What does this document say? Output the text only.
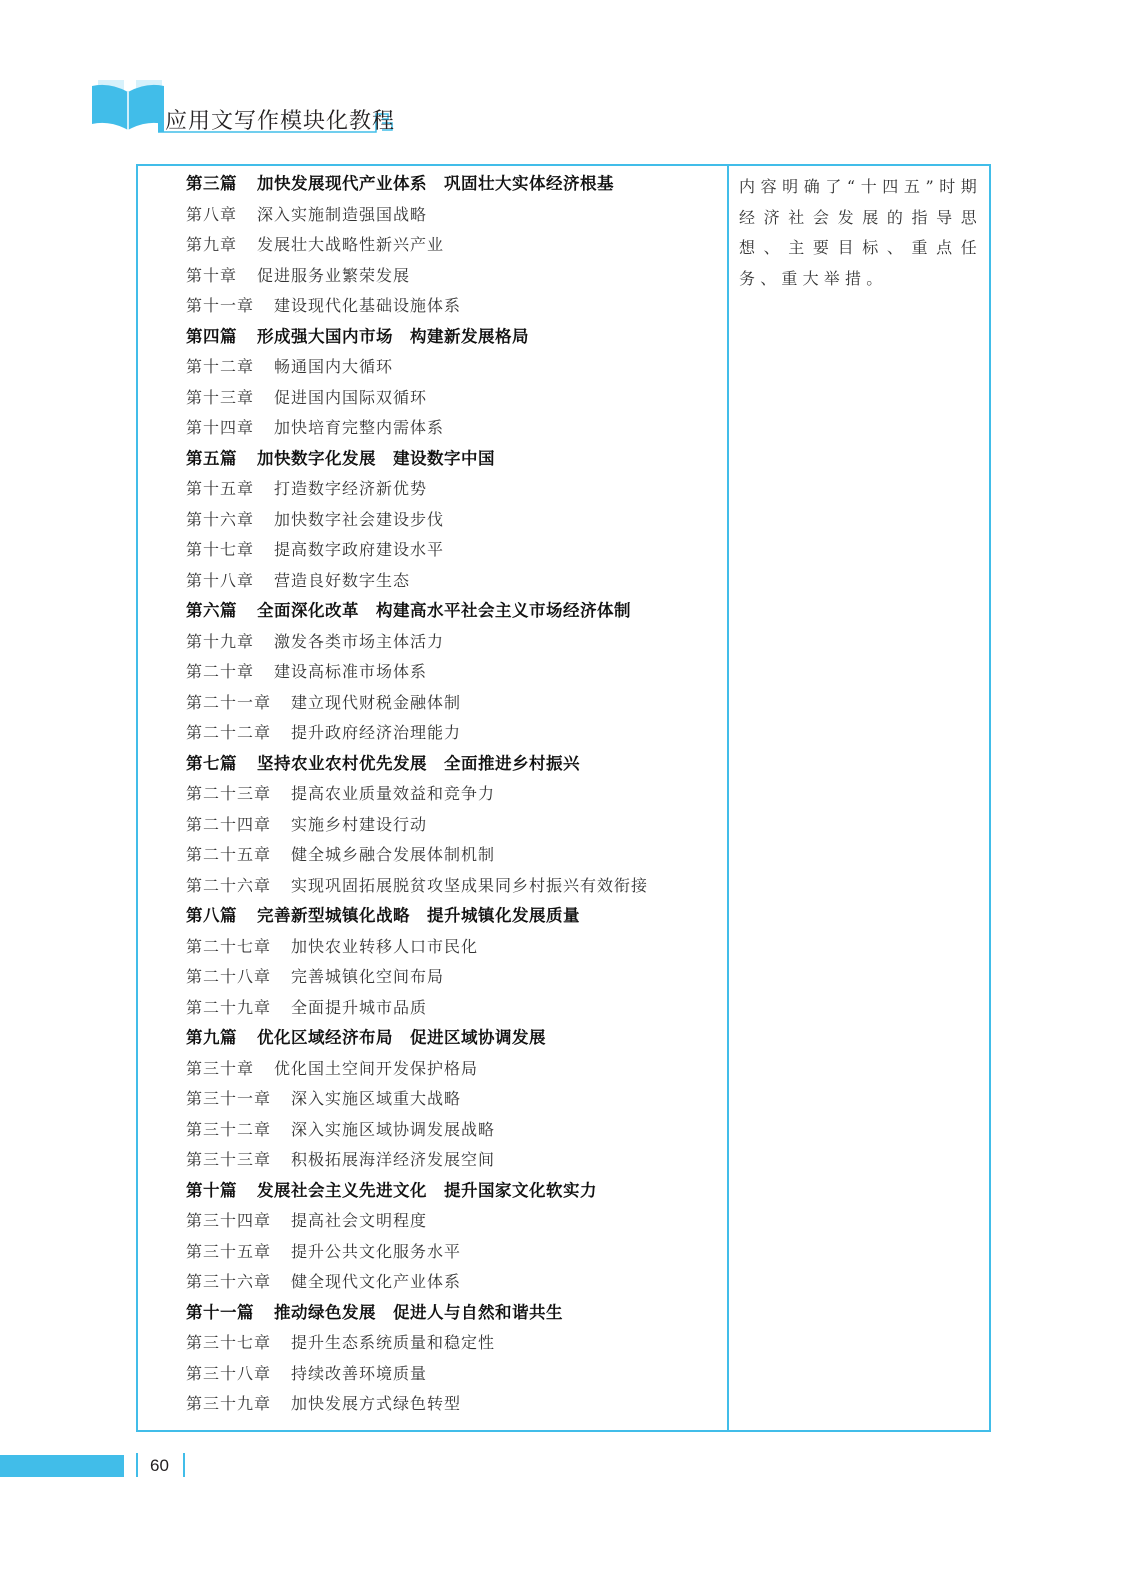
应用文写作模块化教程
第三篇 加快发展现代产业体系　巩固壮大实体经济根基
第八章 深入实施制造强国战略
第九章 发展壮大战略性新兴产业
第十章 促进服务业繁荣发展
第十一章 建设现代化基础设施体系
第四篇 形成强大国内市场　构建新发展格局
第十二章 畅通国内大循环
第十三章 促进国内国际双循环
第十四章 加快培育完整内需体系
第五篇 加快数字化发展　建设数字中国
第十五章 打造数字经济新优势
第十六章 加快数字社会建设步伐
第十七章 提高数字政府建设水平
第十八章 营造良好数字生态
第六篇 全面深化改革　构建高水平社会主义市场经济体制
第十九章 激发各类市场主体活力
第二十章 建设高标准市场体系
第二十一章 建立现代财税金融体制
第二十二章 提升政府经济治理能力
第七篇 坚持农业农村优先发展　全面推进乡村振兴
第二十三章 提高农业质量效益和竞争力
第二十四章 实施乡村建设行动
第二十五章 健全城乡融合发展体制机制
第二十六章 实现巩固拓展脱贫攻坚成果同乡村振兴有效衔接
第八篇 完善新型城镇化战略　提升城镇化发展质量
第二十七章 加快农业转移人口市民化
第二十八章 完善城镇化空间布局
第二十九章 全面提升城市品质
第九篇 优化区域经济布局　促进区域协调发展
第三十章 优化国土空间开发保护格局
第三十一章 深入实施区域重大战略
第三十二章 深入实施区域协调发展战略
第三十三章 积极拓展海洋经济发展空间
第十篇 发展社会主义先进文化　提升国家文化软实力
第三十四章 提高社会文明程度
第三十五章 提升公共文化服务水平
第三十六章 健全现代文化产业体系
第十一篇 推动绿色发展　促进人与自然和谐共生
第三十七章 提升生态系统质量和稳定性
第三十八章 持续改善环境质量
第三十九章 加快发展方式绿色转型
内容明确了“十四五”时期经济社会发展的指导思想、主要目标、重点任务、重大举措。
60
